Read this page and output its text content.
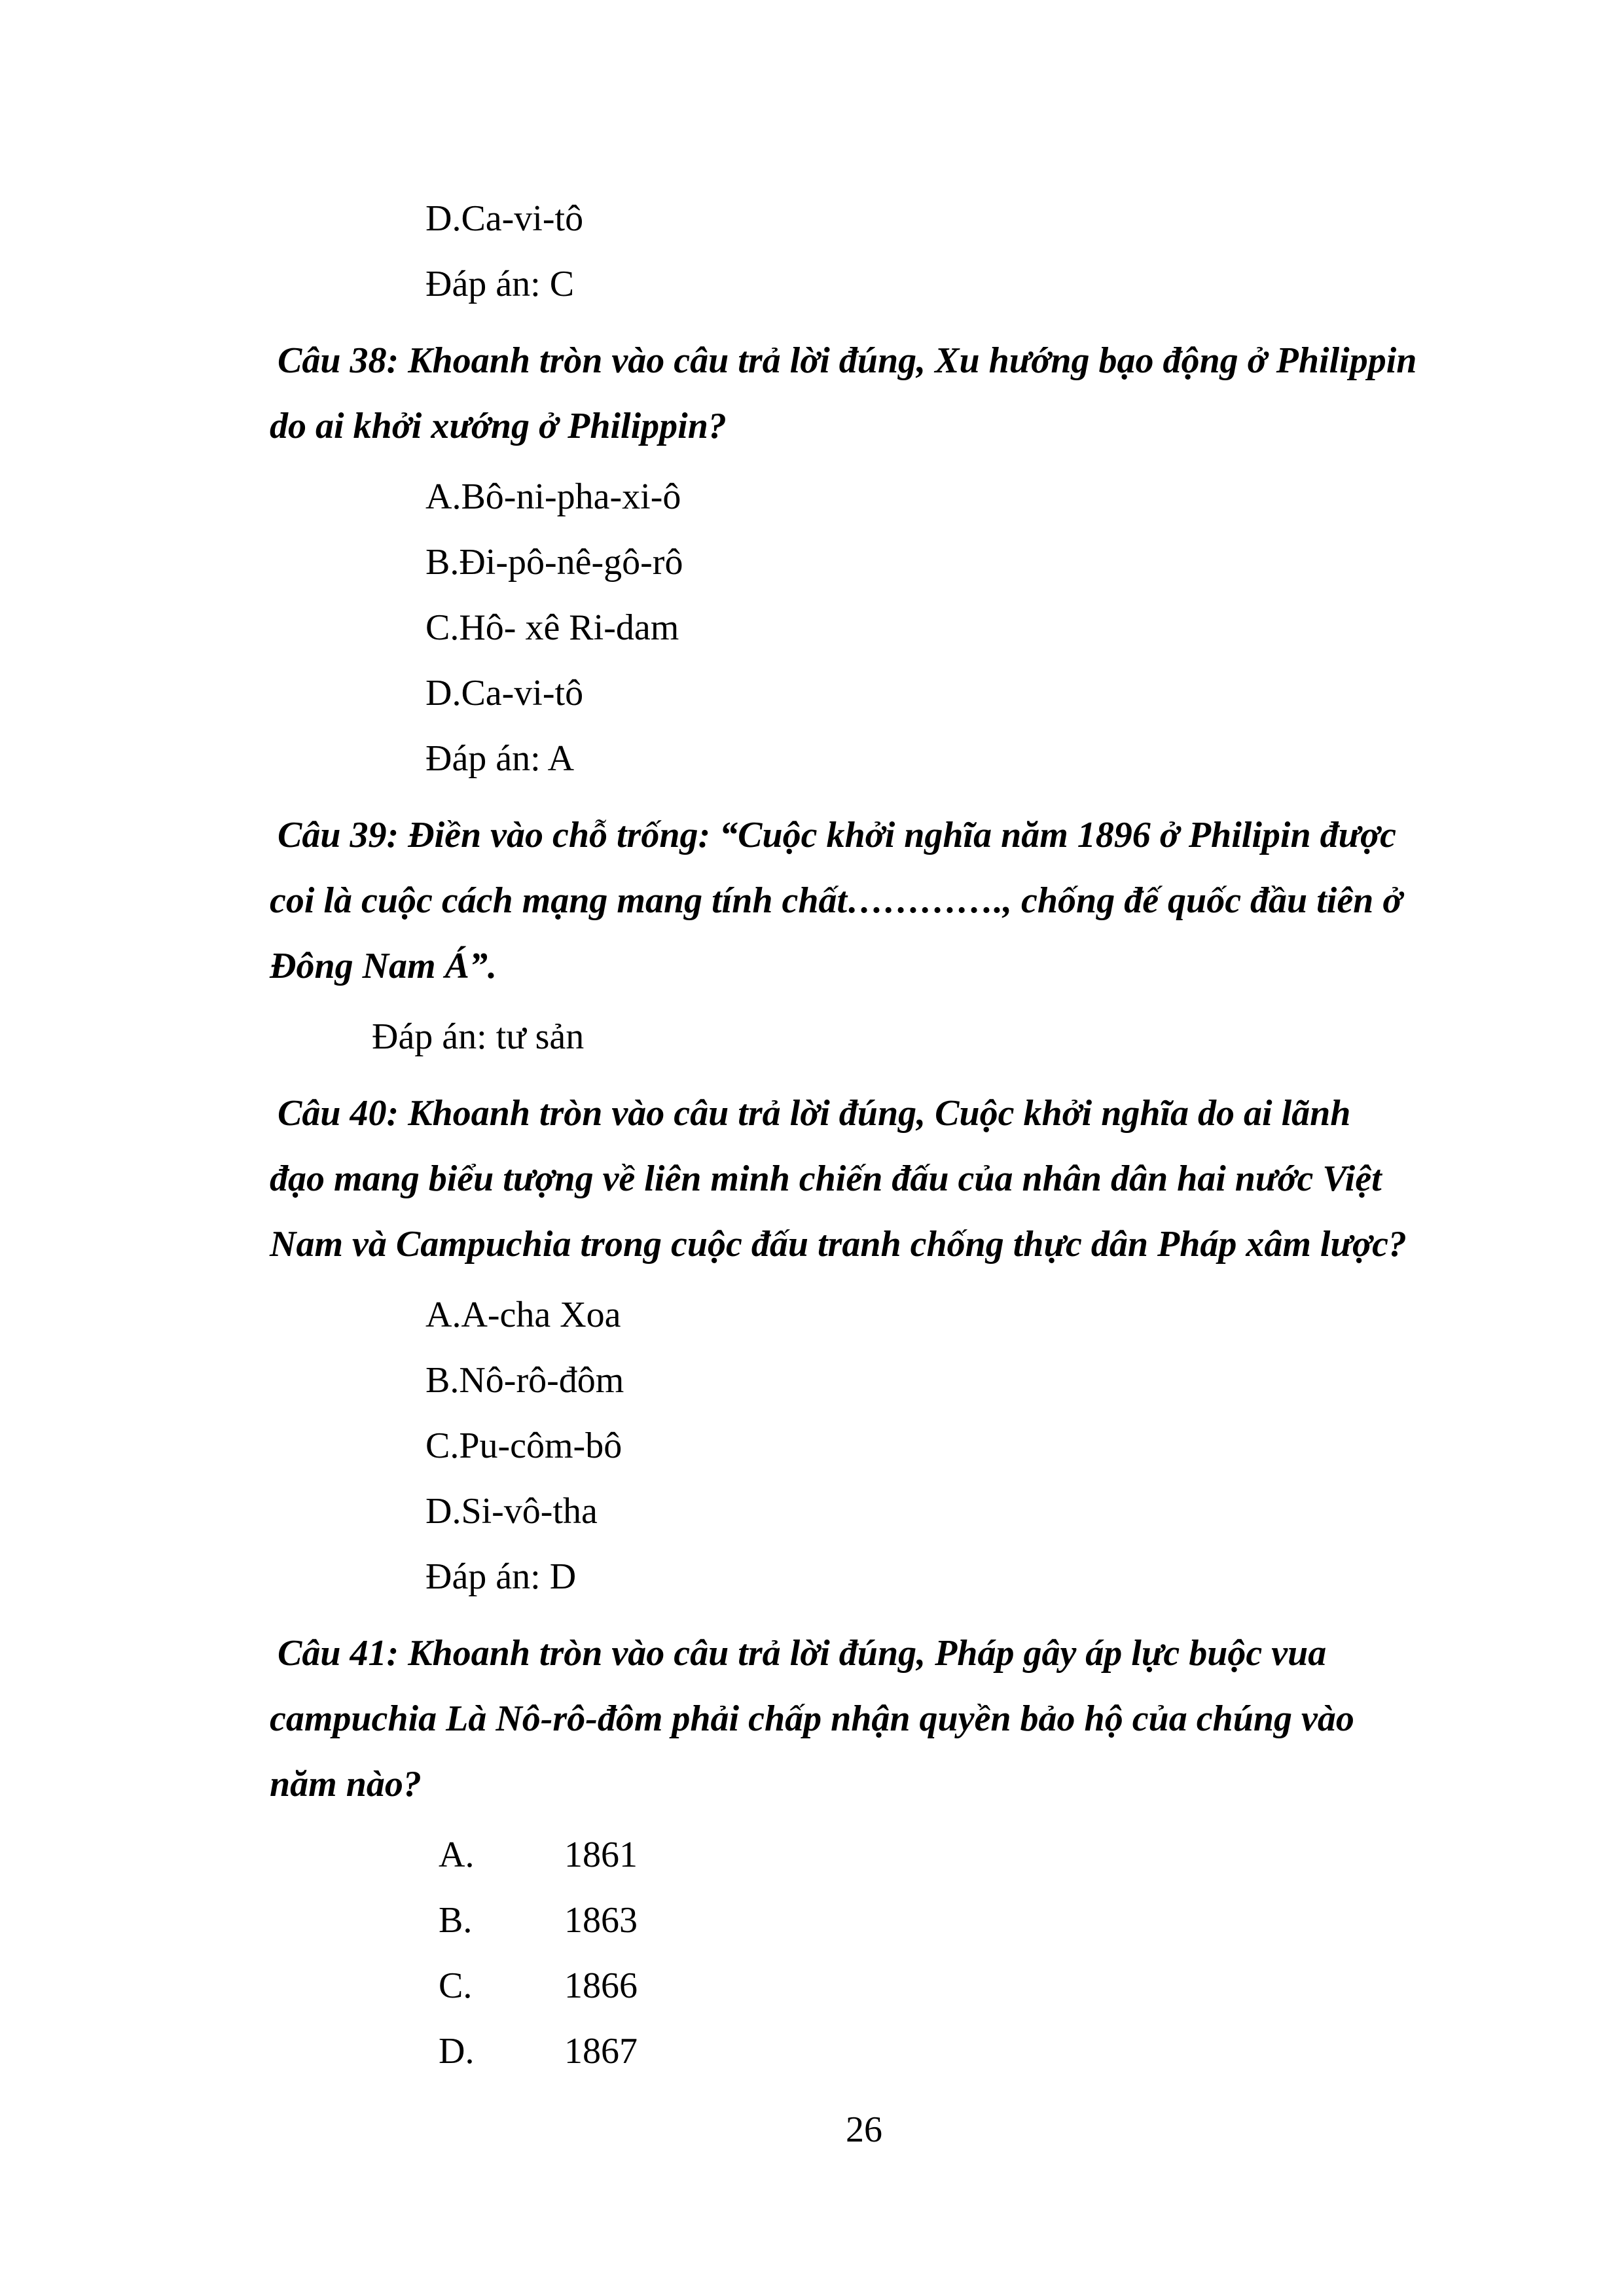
D.Ca-vi-tô
Đáp án: C
Câu 38: Khoanh tròn vào câu trả lời đúng, Xu hướng bạo động ở Philippin
do ai khởi xướng ở Philippin?
A.Bô-ni-pha-xi-ô
B.Đi-pô-nê-gô-rô
C.Hô- xê Ri-dam
D.Ca-vi-tô
Đáp án: A
Câu 39: Điền vào chỗ trống: “Cuộc khởi nghĩa năm 1896 ở Philipin được
coi là cuộc cách mạng mang tính chất…………., chống đế quốc đầu tiên ở
Đông Nam Á”.
Đáp án: tư sản
Câu 40: Khoanh tròn vào câu trả lời đúng, Cuộc khởi nghĩa do ai lãnh
đạo mang biểu tượng về liên minh chiến đấu của nhân dân hai nước Việt
Nam và Campuchia trong cuộc đấu tranh chống thực dân Pháp xâm lược?
A.A-cha Xoa
B.Nô-rô-đôm
C.Pu-côm-bô
D.Si-vô-tha
Đáp án: D
Câu 41: Khoanh tròn vào câu trả lời đúng, Pháp gây áp lực buộc vua
campuchia Là Nô-rô-đôm phải chấp nhận quyền bảo hộ của chúng vào
năm nào?
A. 1861
B.	1863
C.	1866
D. 1867
26
